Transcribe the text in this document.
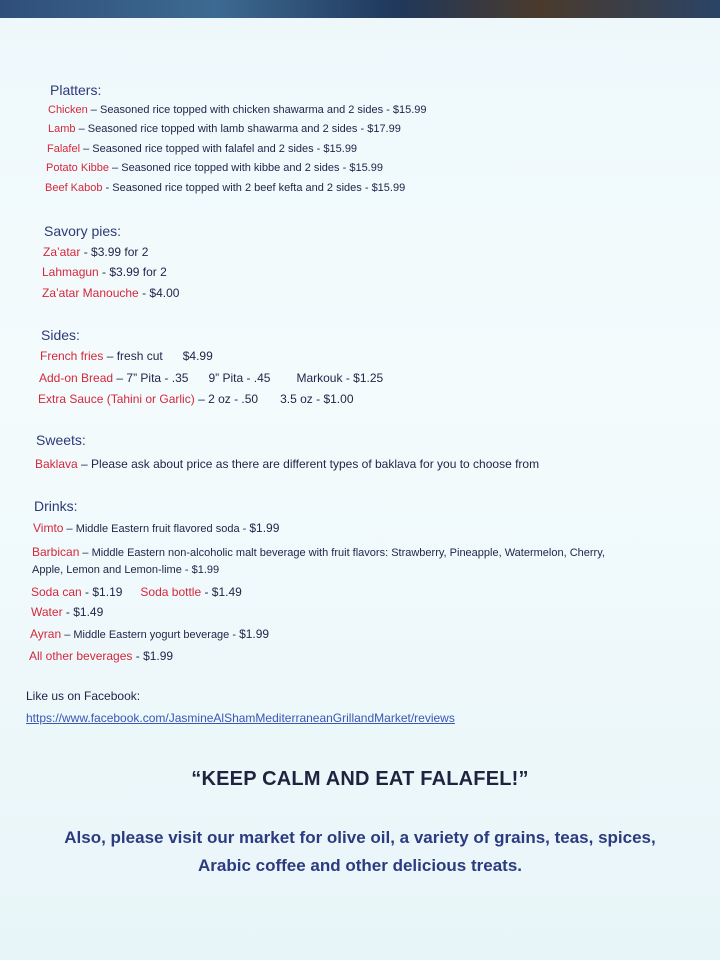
Platters:

Chicken – Seasoned rice topped with chicken shawarma and 2 sides - $15.99

Lamb – Seasoned rice topped with lamb shawarma and 2 sides - $17.99

Falafel – Seasoned rice topped with falafel and 2 sides - $15.99

Potato Kibbe – Seasoned rice topped with kibbe and 2 sides - $15.99

Beef Kabob - Seasoned rice topped with 2 beef kefta and 2 sides - $15.99

Savory pies:

Za’atar - $3.99 for 2

Lahmagun - $3.99 for 2

Za’atar Manouche - $4.00

Sides:

French fries – fresh cut $4.99

Add-on Bread – 7” Pita - .35 9” Pita - .45 Markouk - $1.25

Extra Sauce (Tahini or Garlic) – 2 oz - .50 3.5 oz - $1.00

Sweets:

Baklava – Please ask about price as there are different types of baklava for you to choose from

Drinks:

Vimto – Middle Eastern fruit flavored soda - $1.99

Barbican – Middle Eastern non-alcoholic malt beverage with fruit flavors: Strawberry, Pineapple, Watermelon, Cherry,

Apple, Lemon and Lemon-lime - $1.99

Soda can - $1.19 Soda bottle - $1.49

Water - $1.49

Ayran – Middle Eastern yogurt beverage - $1.99

All other beverages - $1.99

Like us on Facebook:
https://www.facebook.com/JasmineAlShamMediterraneanGrillandMarket/reviews
“KEEP CALM AND EAT FALAFEL!”
Also, please visit our market for olive oil, a variety of grains, teas, spices,
Arabic coffee and other delicious treats.
